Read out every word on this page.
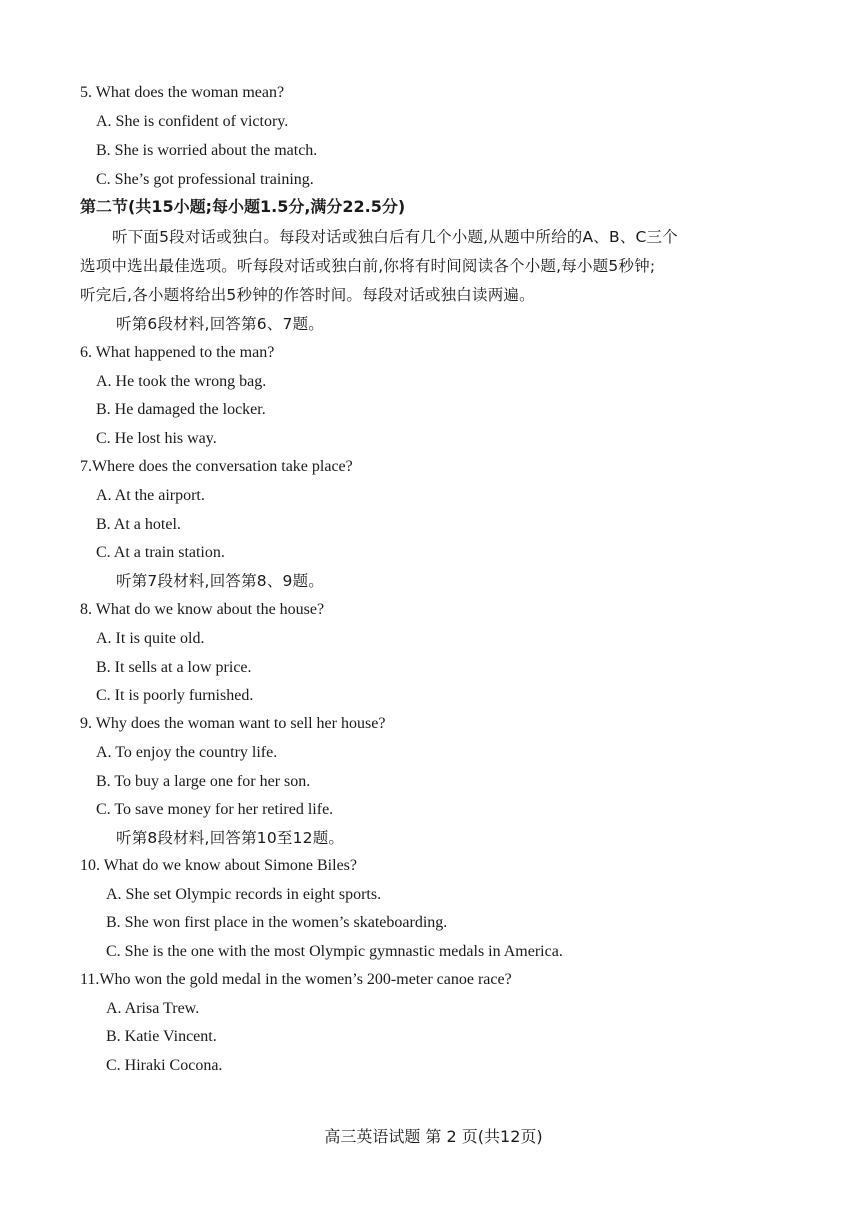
5. What does the woman mean?
A. She is confident of victory.
B. She is worried about the match.
C. She’s got professional training.
第二节(共15小题;每小题1.5分,满分22.5分)
听下面5段对话或独白。每段对话或独白后有几个小题,从题中所给的A、B、C三个
选项中选出最佳选项。听每段对话或独白前,你将有时间阅读各个小题,每小题5秒钟;
听完后,各小题将给出5秒钟的作答时间。每段对话或独白读两遍。
听第6段材料,回答第6、7题。
6. What happened to the man?
A. He took the wrong bag.
B. He damaged the locker.
C. He lost his way.
7.Where does the conversation take place?
A. At the airport.
B. At a hotel.
C. At a train station.
听第7段材料,回答第8、9题。
8. What do we know about the house?
A. It is quite old.
B. It sells at a low price.
C. It is poorly furnished.
9. Why does the woman want to sell her house?
A. To enjoy the country life.
B. To buy a large one for her son.
C. To save money for her retired life.
听第8段材料,回答第10至12题。
10. What do we know about Simone Biles?
A. She set Olympic records in eight sports.
B. She won first place in the women’s skateboarding.
C. She is the one with the most Olympic gymnastic medals in America.
11.Who won the gold medal in the women’s 200-meter canoe race?
A. Arisa Trew.
B. Katie Vincent.
C. Hiraki Cocona.
高三英语试题 第 2 页(共12页)
